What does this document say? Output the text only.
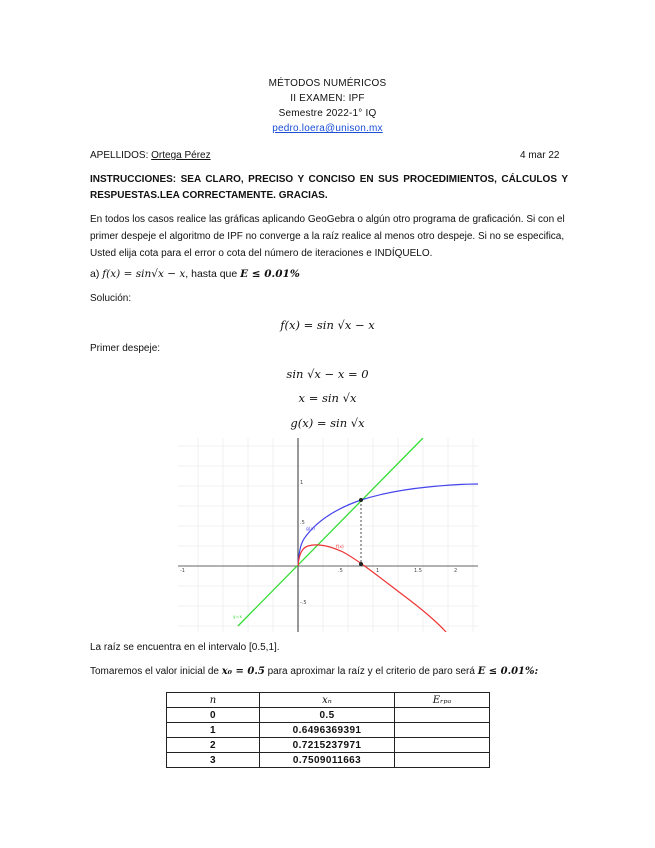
MÉTODOS NUMÉRICOS
II EXAMEN: IPF
Semestre 2022-1° IQ
pedro.loera@unison.mx
APELLIDOS: Ortega Pérez	4 mar 22
INSTRUCCIONES: SEA CLARO, PRECISO Y CONCISO EN SUS PROCEDIMIENTOS, CÁLCULOS Y RESPUESTAS.LEA CORRECTAMENTE. GRACIAS.
En todos los casos realice las gráficas aplicando GeoGebra o algún otro programa de graficación. Si con el primer despeje el algoritmo de IPF no converge a la raíz realice al menos otro despeje. Si no se especifica, Usted elija cota para el error o cota del número de iteraciones e INDÍQUELO.
a) f(x) = sin√x − x, hasta que E ≤ 0.01%
Solución:
f(x) = sin √x − x
Primer despeje:
sin √x − x = 0
x = sin √x
g(x) = sin √x
1
.5
-.5
-1	.5	1	1.5	2
g(x)
f(x)
y=x
La raíz se encuentra en el intervalo [0.5,1].
Tomaremos el valor inicial de x₀ = 0.5 para aproximar la raíz y el criterio de paro será E ≤ 0.01%:
n	xₙ	Eᵣₚₐ
0	0.5	
1	0.6496369391	
2	0.7215237971	
3	0.7509011663	
